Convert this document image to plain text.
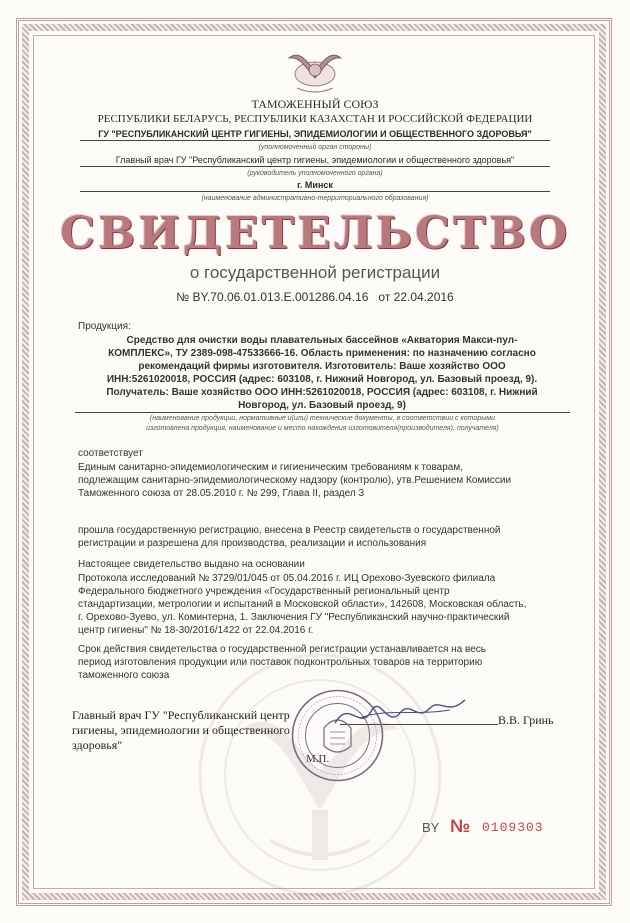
ТАМОЖЕННЫЙ СОЮЗ
РЕСПУБЛИКИ БЕЛАРУСЬ, РЕСПУБЛИКИ КАЗАХСТАН И РОССИЙСКОЙ ФЕДЕРАЦИИ
ГУ "РЕСПУБЛИКАНСКИЙ ЦЕНТР ГИГИЕНЫ, ЭПИДЕМИОЛОГИИ И ОБЩЕСТВЕННОГО ЗДОРОВЬЯ"
(уполномоченный орган стороны)
Главный врач ГУ "Республиканский центр гигиены, эпидемиологии и общественного здоровья"
(руководитель уполномоченного органа)
г. Минск
(наименование административно-территориального образования)
СВИДЕТЕЛЬСТВО
о государственной регистрации
№ BY.70.06.01.013.E.001286.04.16   от 22.04.2016
Продукция:
Средство для очистки воды плавательных бассейнов «Акватория Макси-пул-
КОМПЛЕКС», ТУ 2389-098-47533666-16. Область применения: по назначению согласно
рекомендаций фирмы изготовителя. Изготовитель: Ваше хозяйство ООО
ИНН:5261020018, РОССИЯ (адрес: 603108, г. Нижний Новгород, ул. Базовый проезд, 9).
Получатель: Ваше хозяйство ООО ИНН:5261020018, РОССИЯ (адрес: 603108, г. Нижний
Новгород, ул. Базовый проезд, 9)
(наименование продукции, нормативные и(или) технические документы, в соответствии с которыми
изготовлена продукция, наименование и место нахождения изготовителя(производителя), получателя)
соответствует
Единым санитарно-эпидемиологическим и гигиеническим требованиям к товарам,
подлежащим санитарно-эпидемиологическому надзору (контролю), утв.Решением Комиссии
Таможенного союза от 28.05.2010 г. № 299, Глава II, раздел 3
прошла государственную регистрацию, внесена в Реестр свидетельств о государственной
регистрации и разрешена для производства, реализации и использования
Настоящее свидетельство выдано на основании
Протокола исследований № 3729/01/045 от 05.04.2016 г. ИЦ Орехово-Зуевского филиала
Федерального бюджетного учреждения «Государственный региональный центр
стандартизации, метрологии и испытаний в Московской области», 142608, Московская область,
г. Орехово-Зуево, ул. Коминтерна, 1. Заключения ГУ "Республиканский научно-практический
центр гигиены" № 18-30/2016/1422 от 22.04.2016 г.
Срок действия свидетельства о государственной регистрации устанавливается на весь
период изготовления продукции или поставок подконтрольных товаров на территорию
таможенного союза
Главный врач ГУ "Республиканский центр
гигиены, эпидемиологии и общественного
здоровья"
В.В. Гринь
М.П.
BY № 0109303
